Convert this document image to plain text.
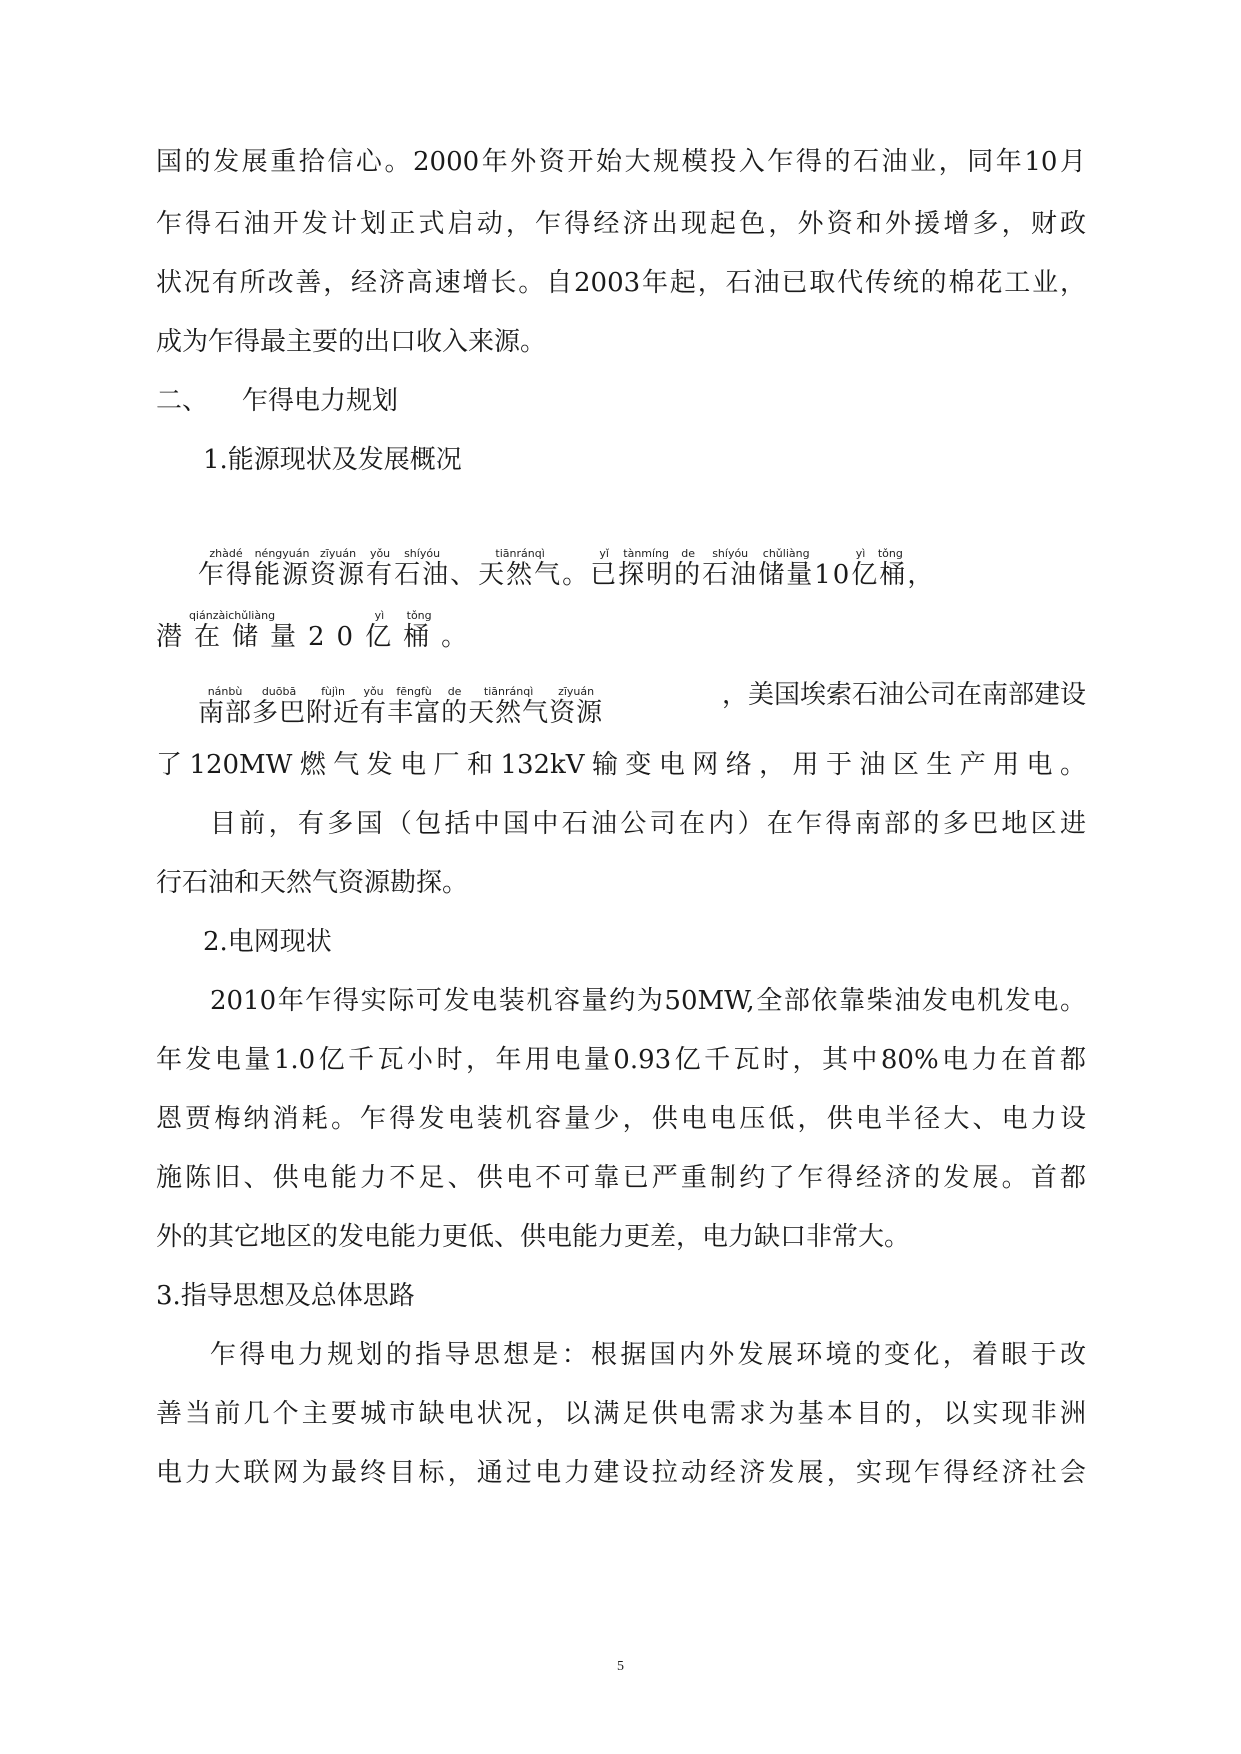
国的发展重拾信心。2000年外资开始大规模投入乍得的石油业，同年10月
乍得石油开发计划正式启动，乍得经济出现起色，外资和外援增多，财政
状况有所改善，经济高速增长。自2003年起，石油已取代传统的棉花工业，
成为乍得最主要的出口收入来源。
二、 乍得电力规划
1.能源现状及发展概况
乍得zhàdé能源néngyuán资源zīyuán有yǒu石油shíyóu、天然气tiānránqì。已yǐ探明tànmíng的de石油shíyóu储量chǔliàng10亿桶yì tǒng，
潜在储量qiánzàichǔliàng20亿桶yì tǒng。
南部nánbù多巴duōbā附近fùjìn有yǒu丰富fēngfù的de天然气tiānránqì资源zīyuán	，美国埃索石油公司在南部建设
了120MW燃气发电厂和132kV输变电网络，用于油区生产用电。
目前，有多国（包括中国中石油公司在内）在乍得南部的多巴地区进
行石油和天然气资源勘探。
2.电网现状
2010年乍得实际可发电装机容量约为50MW,全部依靠柴油发电机发电。
年发电量1.0亿千瓦小时，年用电量0.93亿千瓦时，其中80%电力在首都
恩贾梅纳消耗。乍得发电装机容量少，供电电压低，供电半径大、电力设
施陈旧、供电能力不足、供电不可靠已严重制约了乍得经济的发展。首都
外的其它地区的发电能力更低、供电能力更差，电力缺口非常大。
3.指导思想及总体思路
乍得电力规划的指导思想是：根据国内外发展环境的变化，着眼于改
善当前几个主要城市缺电状况，以满足供电需求为基本目的，以实现非洲
电力大联网为最终目标，通过电力建设拉动经济发展，实现乍得经济社会
5
